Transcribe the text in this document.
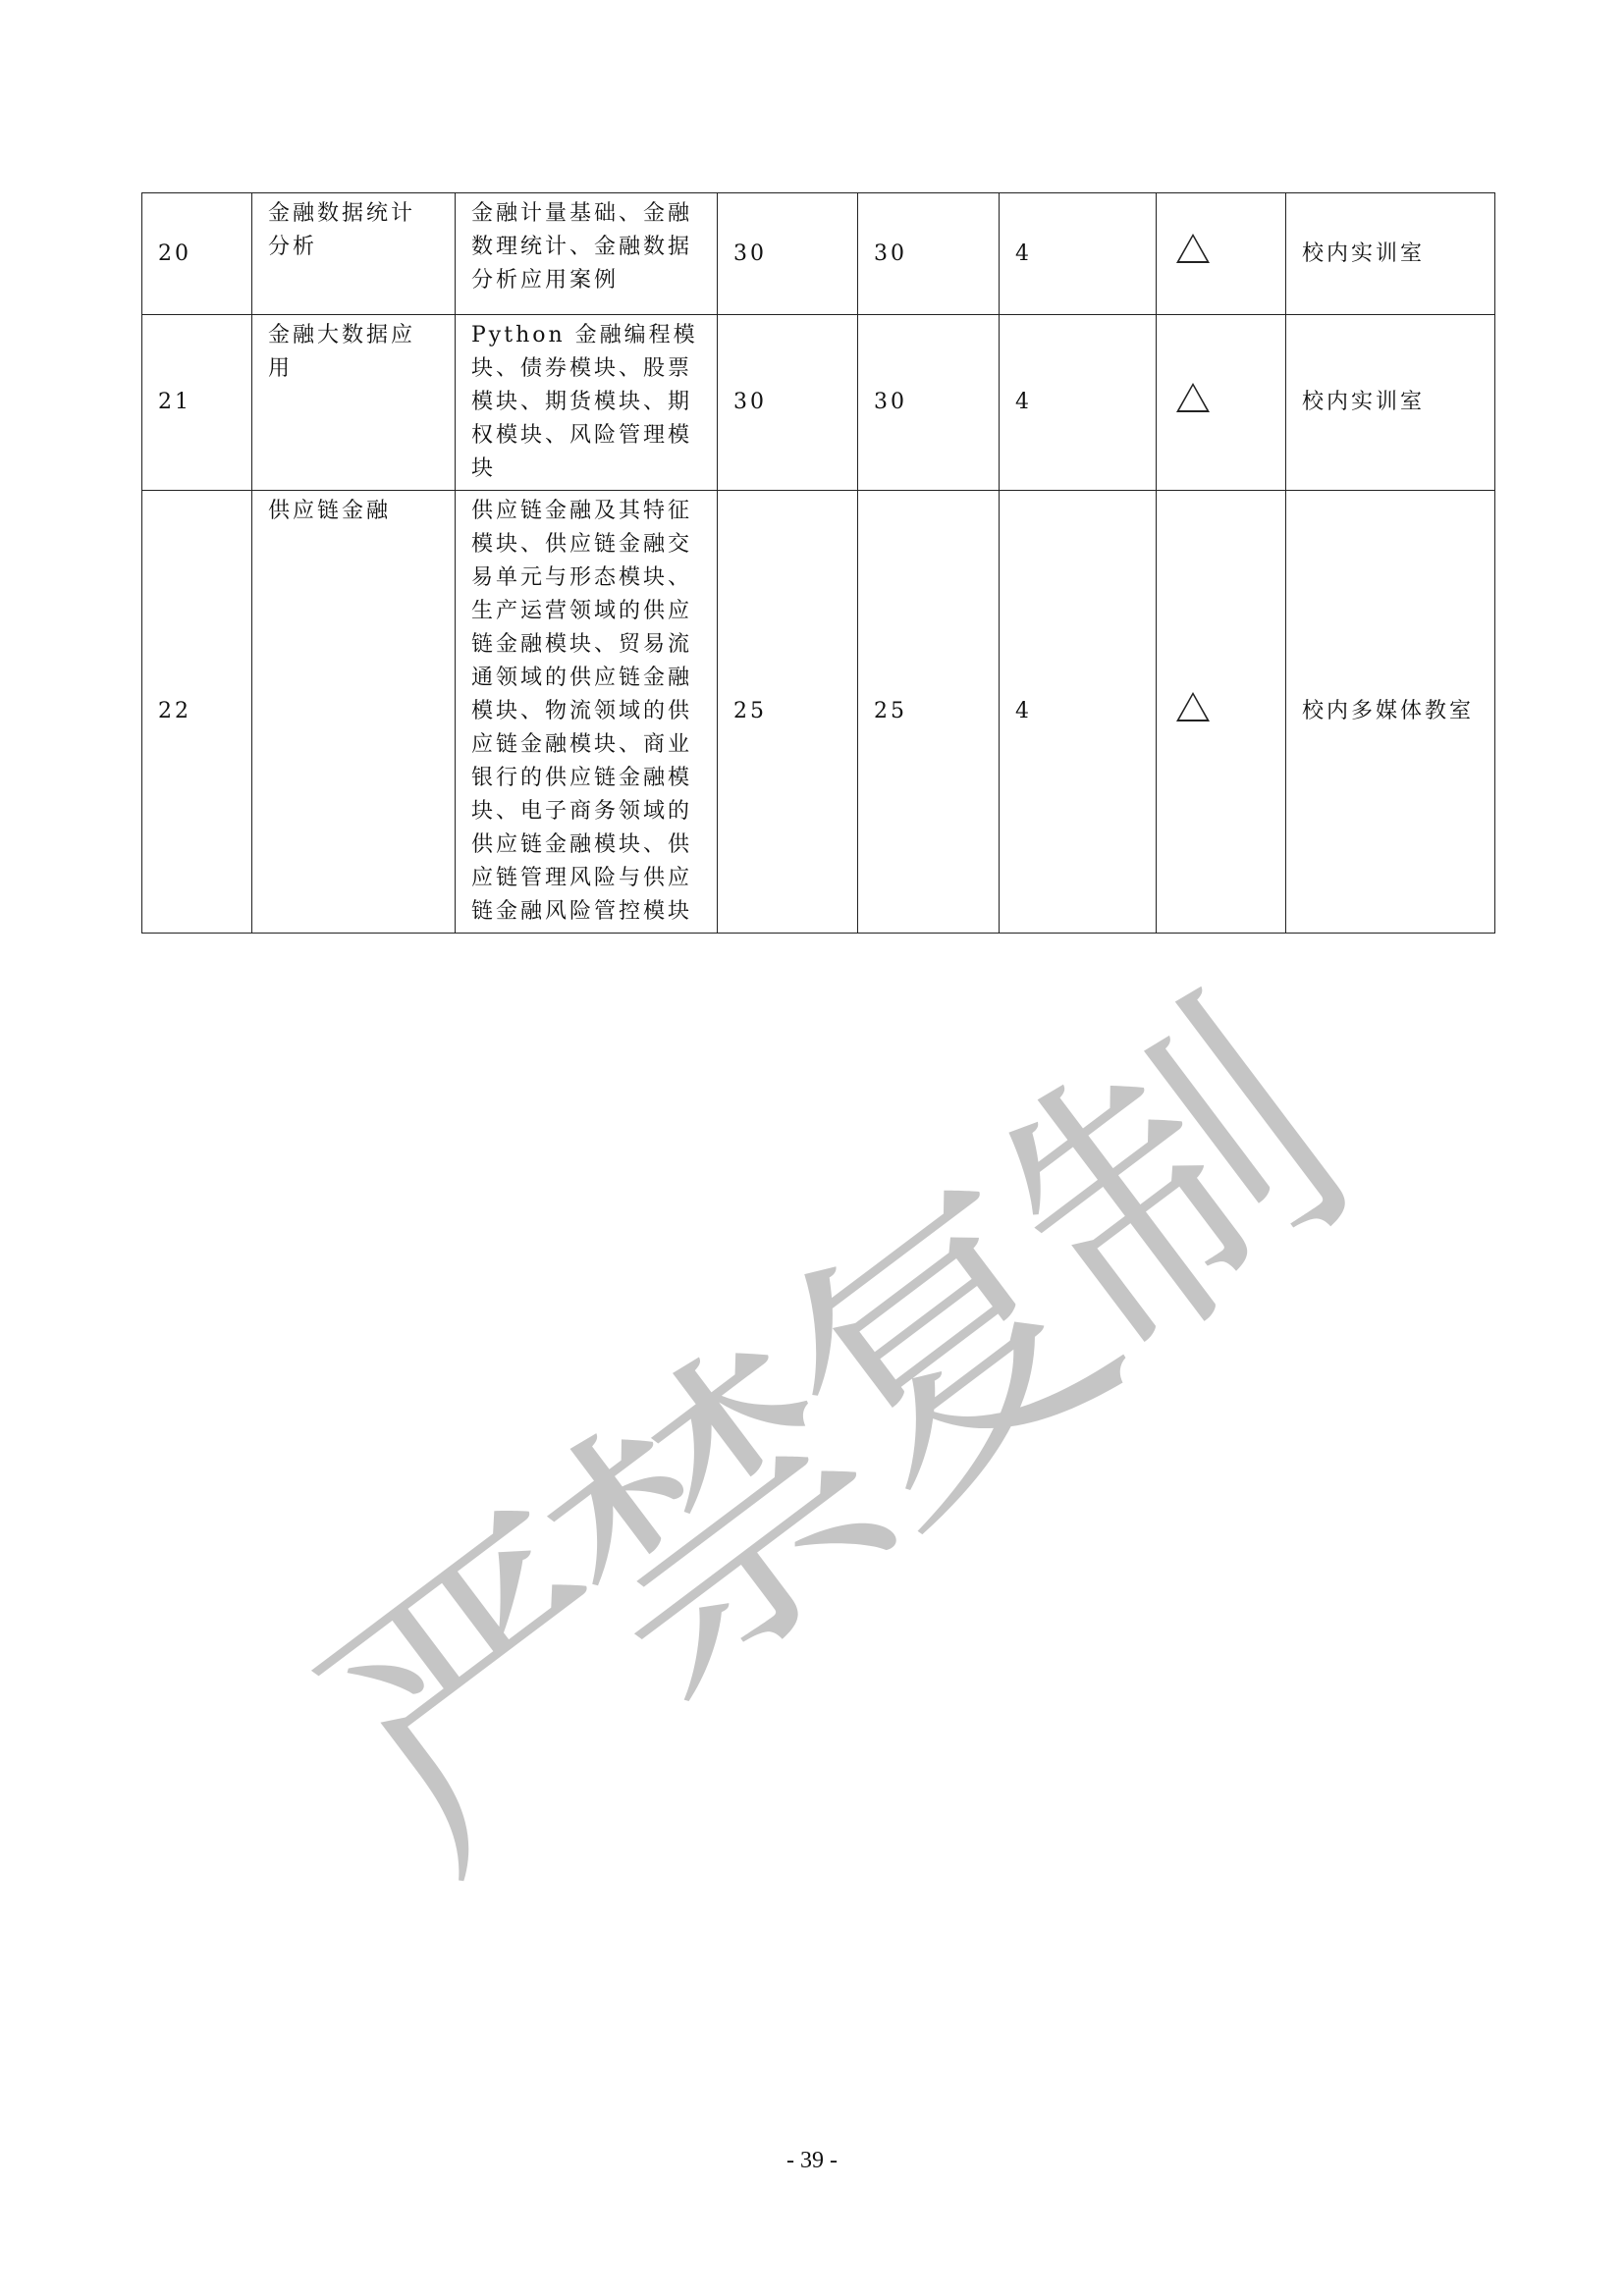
20	金融数据统计分析	金融计量基础、金融数理统计、金融数据分析应用案例	30	30	4		校内实训室
21	金融大数据应用	Python 金融编程模块、债券模块、股票模块、期货模块、期权模块、风险管理模块	30	30	4		校内实训室
22	供应链金融	供应链金融及其特征模块、供应链金融交易单元与形态模块、生产运营领域的供应链金融模块、贸易流通领域的供应链金融模块、物流领域的供应链金融模块、商业银行的供应链金融模块、电子商务领域的供应链金融模块、供应链管理风险与供应链金融风险管控模块	25	25	4		校内多媒体教室
严禁复制
- 39 -
